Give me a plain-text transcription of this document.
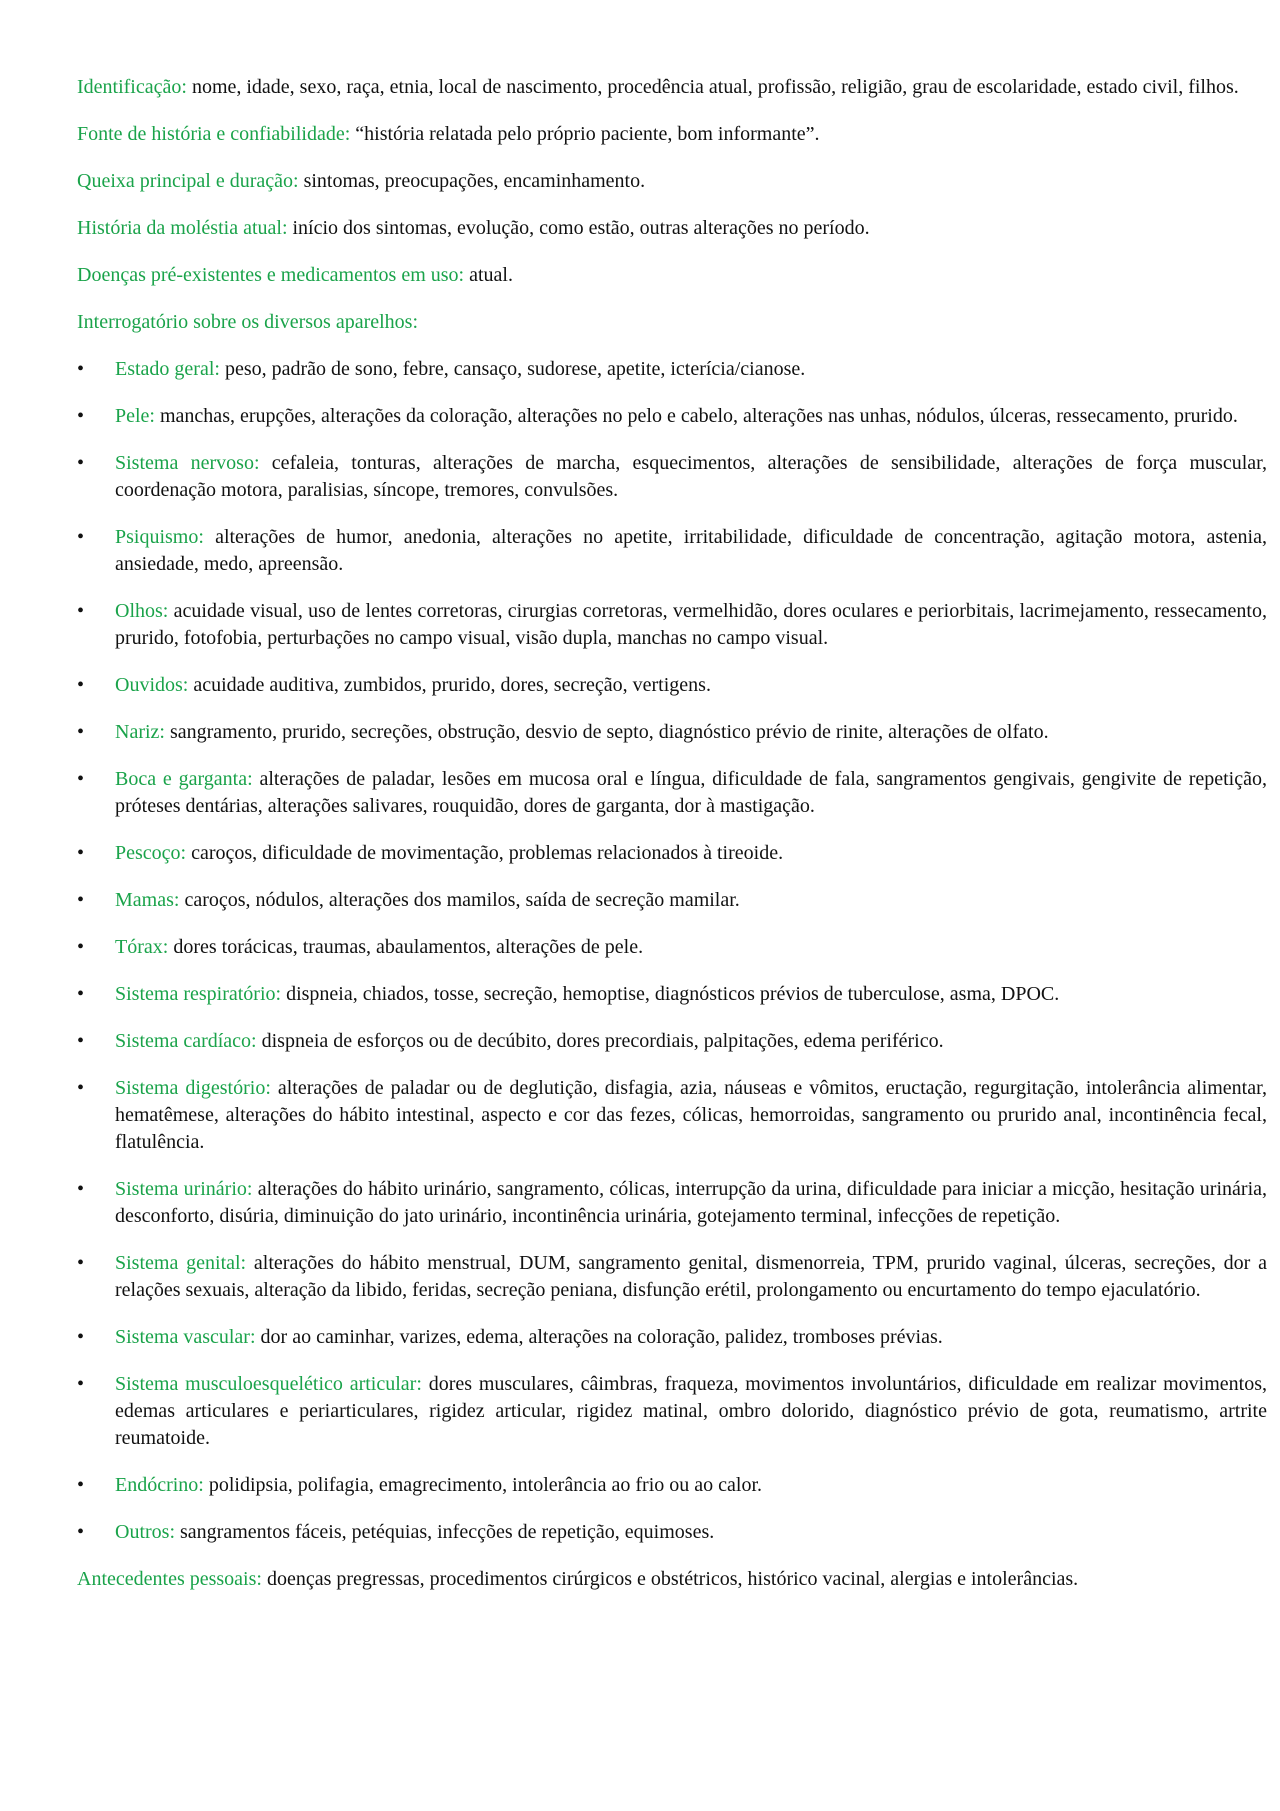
Identificação: nome, idade, sexo, raça, etnia, local de nascimento, procedência atual, profissão, religião, grau de escolaridade, estado civil, filhos.

Fonte de história e confiabilidade: “história relatada pelo próprio paciente, bom informante”.

Queixa principal e duração: sintomas, preocupações, encaminhamento.

História da moléstia atual: início dos sintomas, evolução, como estão, outras alterações no período.

Doenças pré-existentes e medicamentos em uso: atual.

Interrogatório sobre os diversos aparelhos:

•	Estado geral: peso, padrão de sono, febre, cansaço, sudorese, apetite, icterícia/cianose.
•	Pele: manchas, erupções, alterações da coloração, alterações no pelo e cabelo, alterações nas unhas, nódulos, úlceras, ressecamento, prurido.
•	Sistema nervoso: cefaleia, tonturas, alterações de marcha, esquecimentos, alterações de sensibilidade, alterações de força muscular, coordenação motora, paralisias, síncope, tremores, convulsões.
•	Psiquismo: alterações de humor, anedonia, alterações no apetite, irritabilidade, dificuldade de concentração, agitação motora, astenia, ansiedade, medo, apreensão.
•	Olhos: acuidade visual, uso de lentes corretoras, cirurgias corretoras, vermelhidão, dores oculares e periorbitais, lacrimejamento, ressecamento, prurido, fotofobia, perturbações no campo visual, visão dupla, manchas no campo visual.
•	Ouvidos: acuidade auditiva, zumbidos, prurido, dores, secreção, vertigens.
•	Nariz: sangramento, prurido, secreções, obstrução, desvio de septo, diagnóstico prévio de rinite, alterações de olfato.
•	Boca e garganta: alterações de paladar, lesões em mucosa oral e língua, dificuldade de fala, sangramentos gengivais, gengivite de repetição, próteses dentárias, alterações salivares, rouquidão, dores de garganta, dor à mastigação.
•	Pescoço: caroços, dificuldade de movimentação, problemas relacionados à tireoide.
•	Mamas: caroços, nódulos, alterações dos mamilos, saída de secreção mamilar.
•	Tórax: dores torácicas, traumas, abaulamentos, alterações de pele.
•	Sistema respiratório: dispneia, chiados, tosse, secreção, hemoptise, diagnósticos prévios de tuberculose, asma, DPOC.
•	Sistema cardíaco: dispneia de esforços ou de decúbito, dores precordiais, palpitações, edema periférico.
•	Sistema digestório: alterações de paladar ou de deglutição, disfagia, azia, náuseas e vômitos, eructação, regurgitação, intolerância alimentar, hematêmese, alterações do hábito intestinal, aspecto e cor das fezes, cólicas, hemorroidas, sangramento ou prurido anal, incontinência fecal, flatulência.
•	Sistema urinário: alterações do hábito urinário, sangramento, cólicas, interrupção da urina, dificuldade para iniciar a micção, hesitação urinária, desconforto, disúria, diminuição do jato urinário, incontinência urinária, gotejamento terminal, infecções de repetição.
•	Sistema genital: alterações do hábito menstrual, DUM, sangramento genital, dismenorreia, TPM, prurido vaginal, úlceras, secreções, dor a relações sexuais, alteração da libido, feridas, secreção peniana, disfunção erétil, prolongamento ou encurtamento do tempo ejaculatório.
•	Sistema vascular: dor ao caminhar, varizes, edema, alterações na coloração, palidez, tromboses prévias.
•	Sistema musculoesquelético articular: dores musculares, câimbras, fraqueza, movimentos involuntários, dificuldade em realizar movimentos, edemas articulares e periarticulares, rigidez articular, rigidez matinal, ombro dolorido, diagnóstico prévio de gota, reumatismo, artrite reumatoide.
•	Endócrino: polidipsia, polifagia, emagrecimento, intolerância ao frio ou ao calor.
•	Outros: sangramentos fáceis, petéquias, infecções de repetição, equimoses.

Antecedentes pessoais: doenças pregressas, procedimentos cirúrgicos e obstétricos, histórico vacinal, alergias e intolerâncias.
